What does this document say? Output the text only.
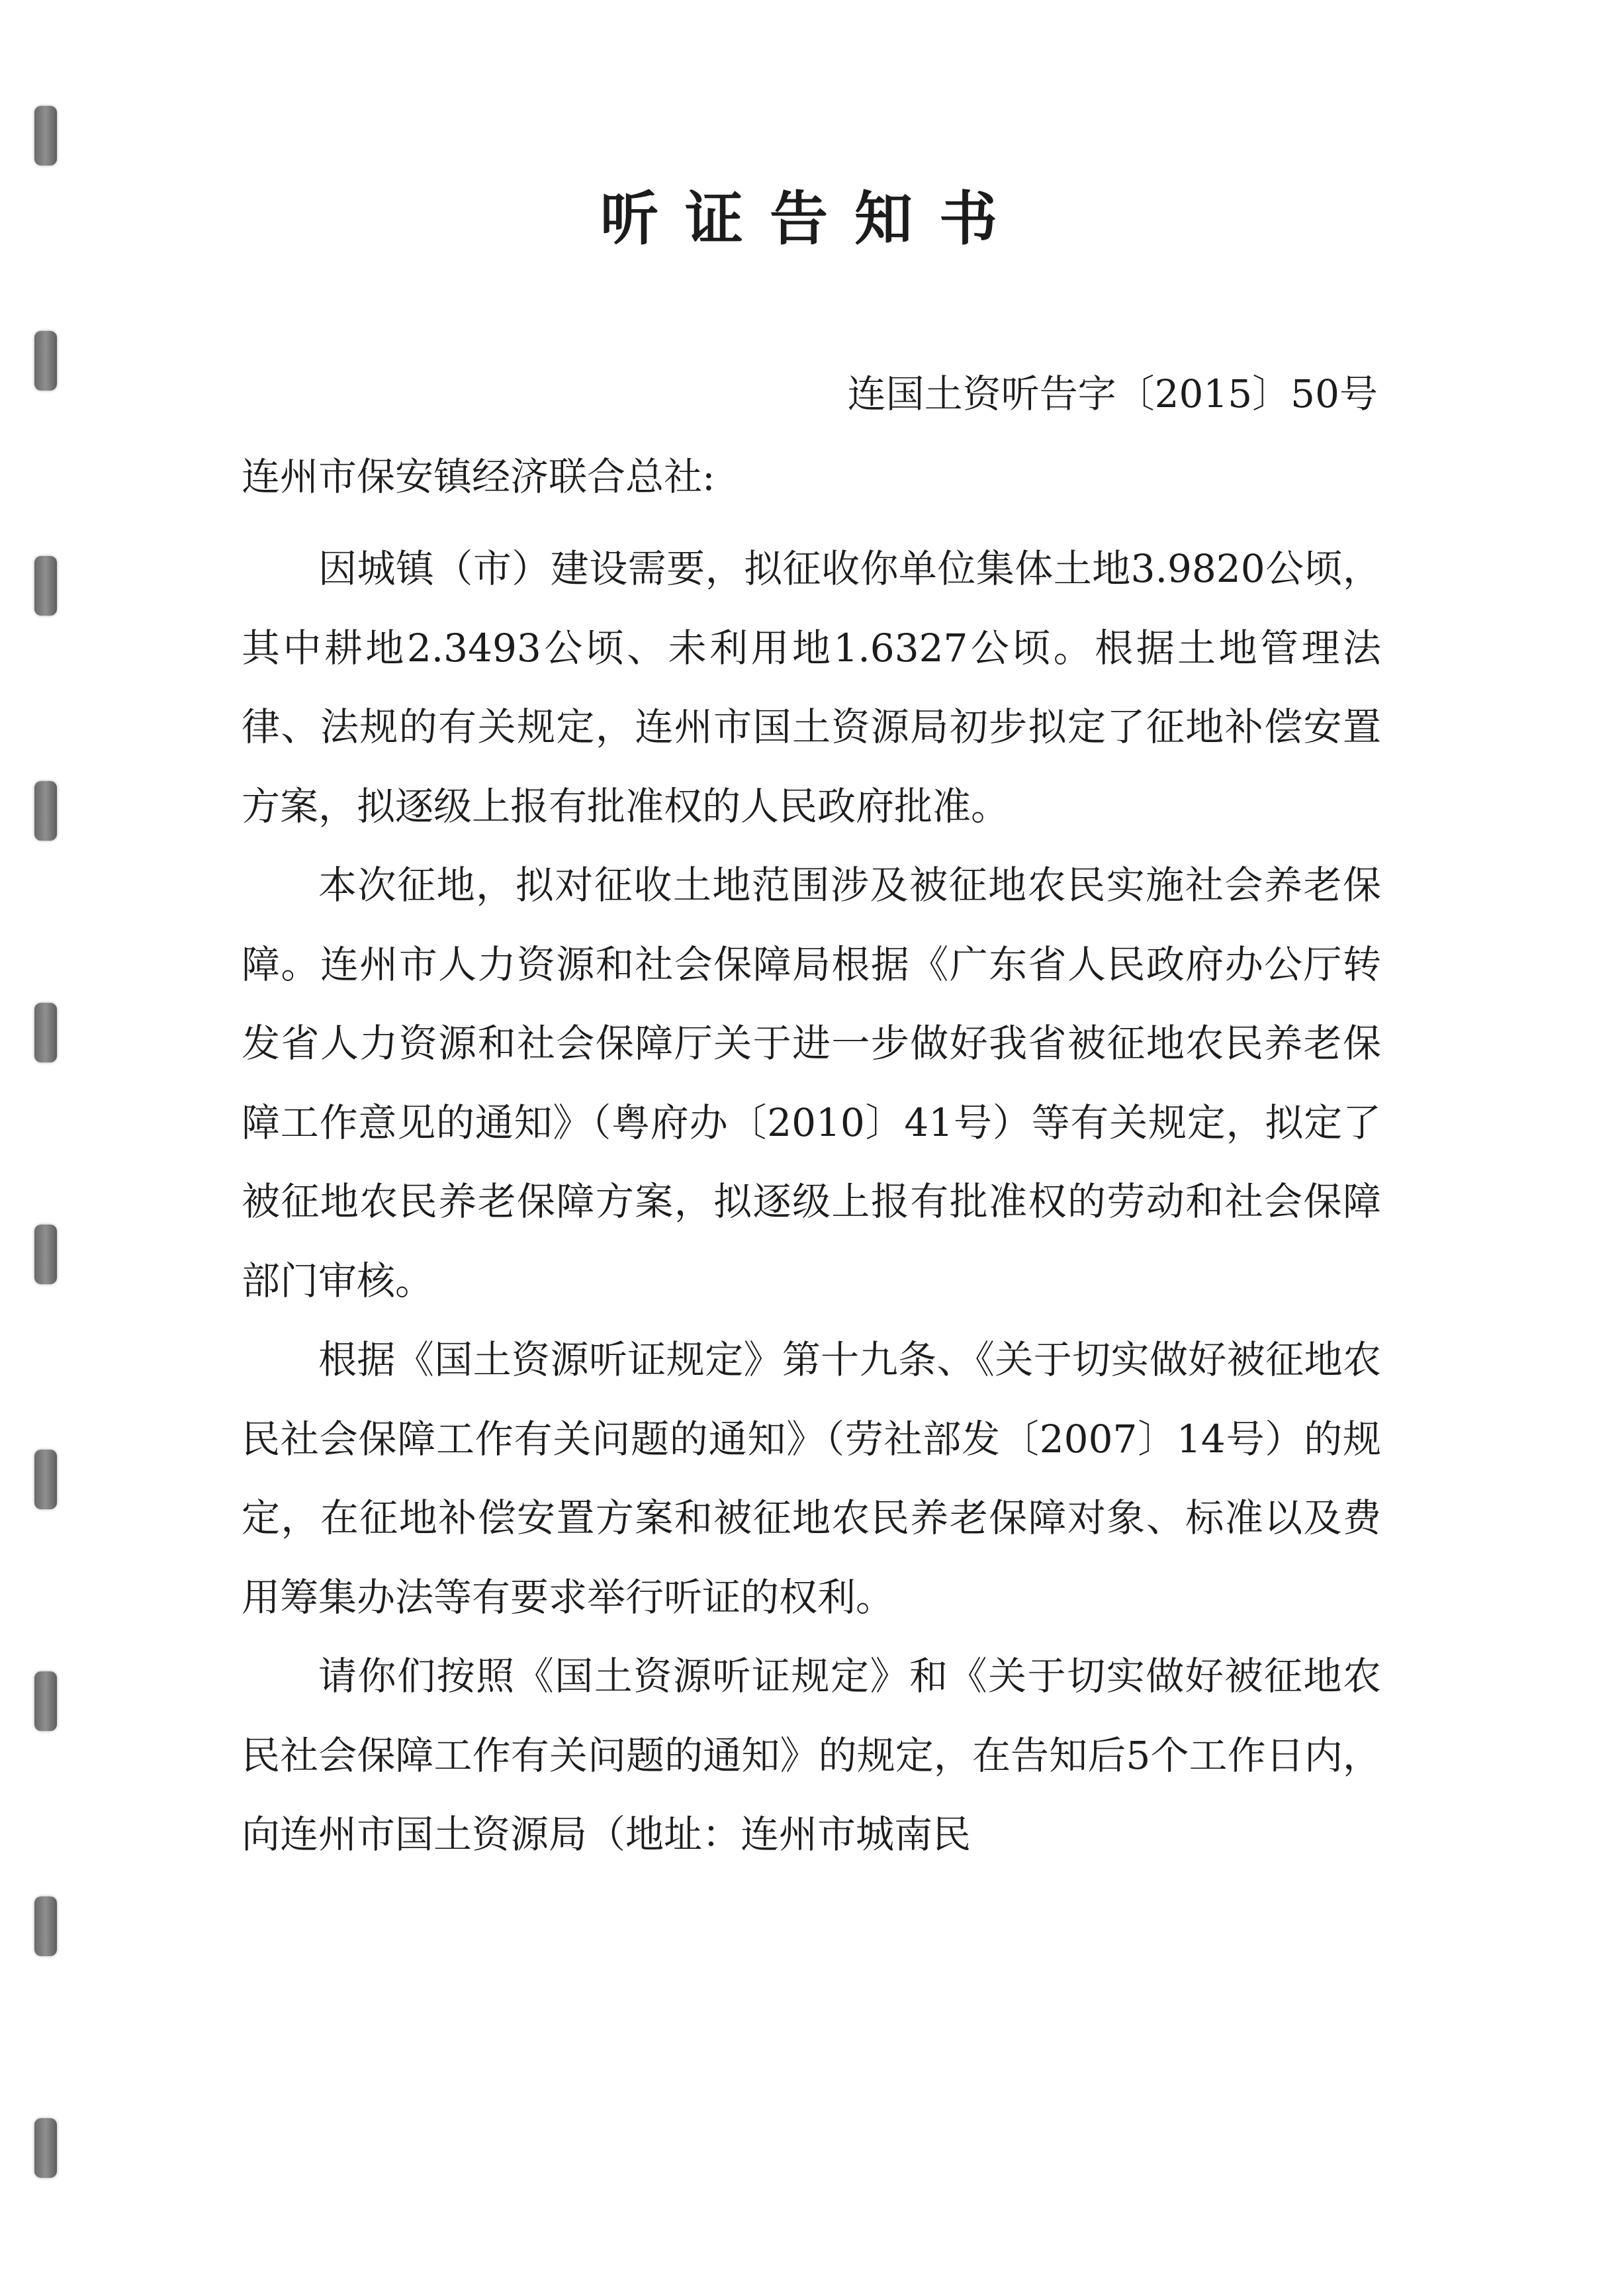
听证告知书
连国土资听告字〔2015〕50号
连州市保安镇经济联合总社:

因城镇（市）建设需要，拟征收你单位集体土地3.9820公顷，其中耕地2.3493公顷、未利用地1.6327公顷。根据土地管理法律、法规的有关规定，连州市国土资源局初步拟定了征地补偿安置方案，拟逐级上报有批准权的人民政府批准。

本次征地，拟对征收土地范围涉及被征地农民实施社会养老保障。连州市人力资源和社会保障局根据《广东省人民政府办公厅转发省人力资源和社会保障厅关于进一步做好我省被征地农民养老保障工作意见的通知》（粤府办〔2010〕41号）等有关规定，拟定了被征地农民养老保障方案，拟逐级上报有批准权的劳动和社会保障部门审核。

根据《国土资源听证规定》第十九条、《关于切实做好被征地农民社会保障工作有关问题的通知》（劳社部发〔2007〕14号）的规定，在征地补偿安置方案和被征地农民养老保障对象、标准以及费用筹集办法等有要求举行听证的权利。

请你们按照《国土资源听证规定》和《关于切实做好被征地农民社会保障工作有关问题的通知》的规定，在告知后5个工作日内，向连州市国土资源局（地址：连州市城南民
